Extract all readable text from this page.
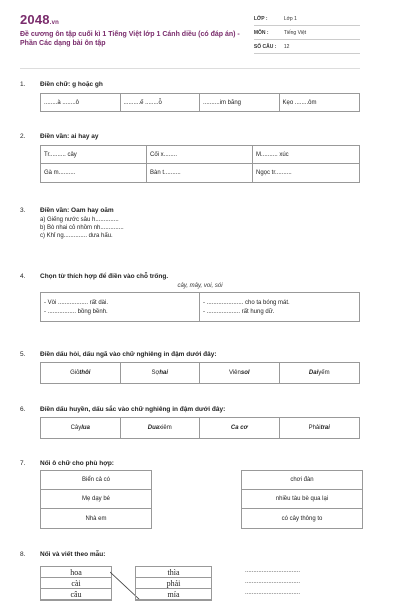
2048.vn
Đề cương ôn tập cuối kì 1 Tiếng Việt lớp 1 Cánh diều (có đáp án) - Phần Các dạng bài ôn tập
LỚP :	Lớp 1
MÔN :	Tiếng Việt
SỐ CÂU :	12
1.	Điền chữ: g hoặc gh
........à ........ô	..........ế ........ỗ	..........im băng	Kẹo ........ôm
2.	Điền vần: ai hay ay
Tr.......... cây	Cối x........	M.......... xúc
Gà m..........	Bàn t..........	Ngọc tr..........
3.	Điền vần: Oam hay oăm
a) Giếng nước sâu h..............
b) Bò nhai cỏ nhồm nh..............
c) Khỉ ng.............. dưa hấu.
4.	Chọn từ thích hợp để điền vào chỗ trống.
cây, mây, voi, sói
- Vòi .................. rất dài.
- ................. bồng bềnh.
- ...................... cho ta bóng mát.
- .................... rất hung dữ.
5.	Điền dấu hỏi, dấu ngã vào chữ nghiêng in đậm dưới đây:
Giỏ thôi	Sợ hai	Viên sol	Dai yếm
6.	Điền dấu huyền, dấu sắc vào chữ nghiêng in đậm dưới đây:
Cây lua	Dua xiêm	Ca cơ	Phải trai
7.	Nối ô chữ cho phù hợp:
Biển cả có
Mẹ dạy bé
Nhà em
chơi đàn
nhiều tàu bè qua lại
có cây thông to
8.	Nối và viết theo mẫu:
hoa
cài
câu
thìa
phải
mía
.................................
.................................
.................................
